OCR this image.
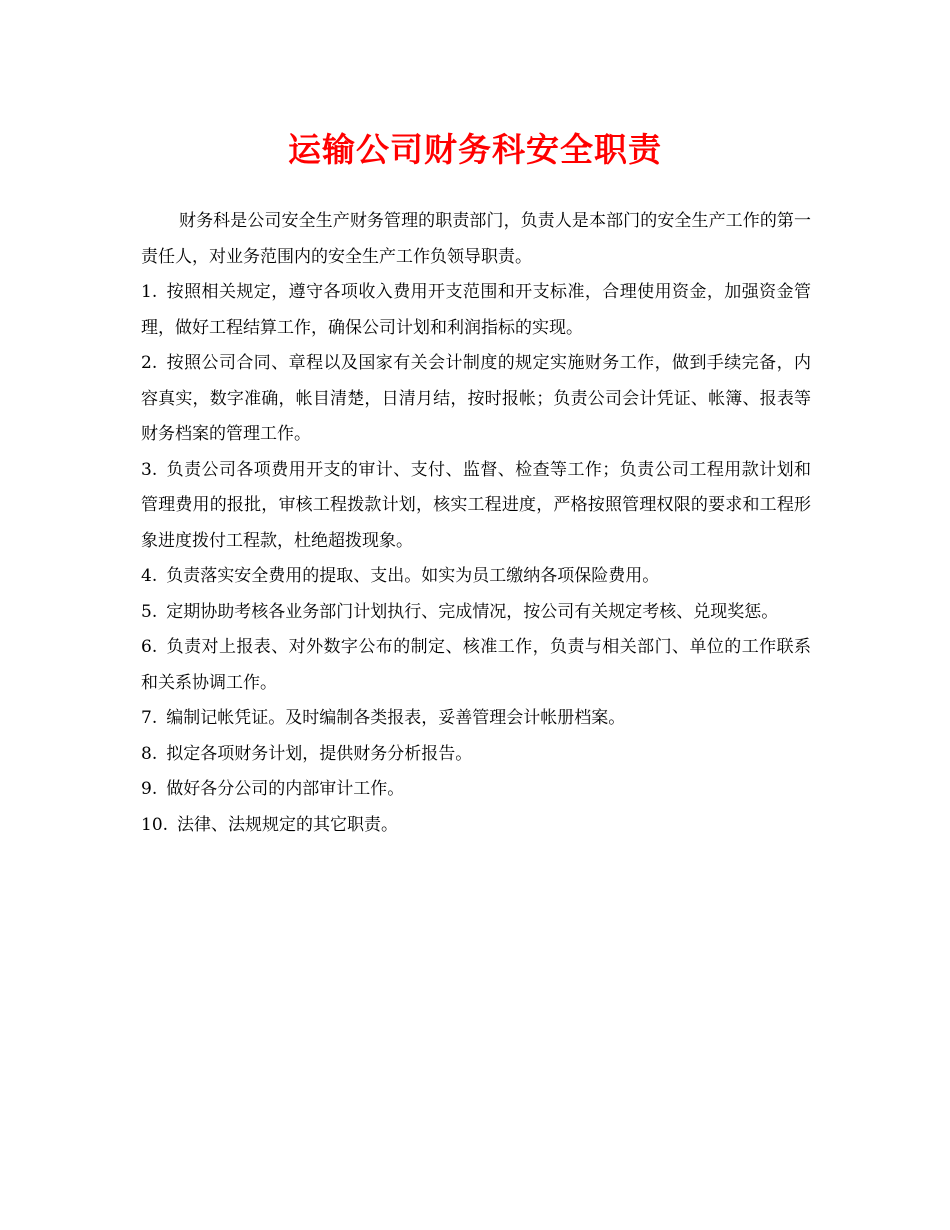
运输公司财务科安全职责

财务科是公司安全生产财务管理的职责部门，负责人是本部门的安全生产工作的第一责任人，对业务范围内的安全生产工作负领导职责。

1. 按照相关规定，遵守各项收入费用开支范围和开支标准，合理使用资金，加强资金管理，做好工程结算工作，确保公司计划和利润指标的实现。

2. 按照公司合同、章程以及国家有关会计制度的规定实施财务工作，做到手续完备，内容真实，数字准确，帐目清楚，日清月结，按时报帐；负责公司会计凭证、帐簿、报表等财务档案的管理工作。

3. 负责公司各项费用开支的审计、支付、监督、检查等工作；负责公司工程用款计划和管理费用的报批，审核工程拨款计划，核实工程进度，严格按照管理权限的要求和工程形象进度拨付工程款，杜绝超拨现象。

4. 负责落实安全费用的提取、支出。如实为员工缴纳各项保险费用。

5. 定期协助考核各业务部门计划执行、完成情况，按公司有关规定考核、兑现奖惩。

6. 负责对上报表、对外数字公布的制定、核准工作，负责与相关部门、单位的工作联系和关系协调工作。

7. 编制记帐凭证。及时编制各类报表，妥善管理会计帐册档案。

8. 拟定各项财务计划，提供财务分析报告。

9. 做好各分公司的内部审计工作。

10. 法律、法规规定的其它职责。
